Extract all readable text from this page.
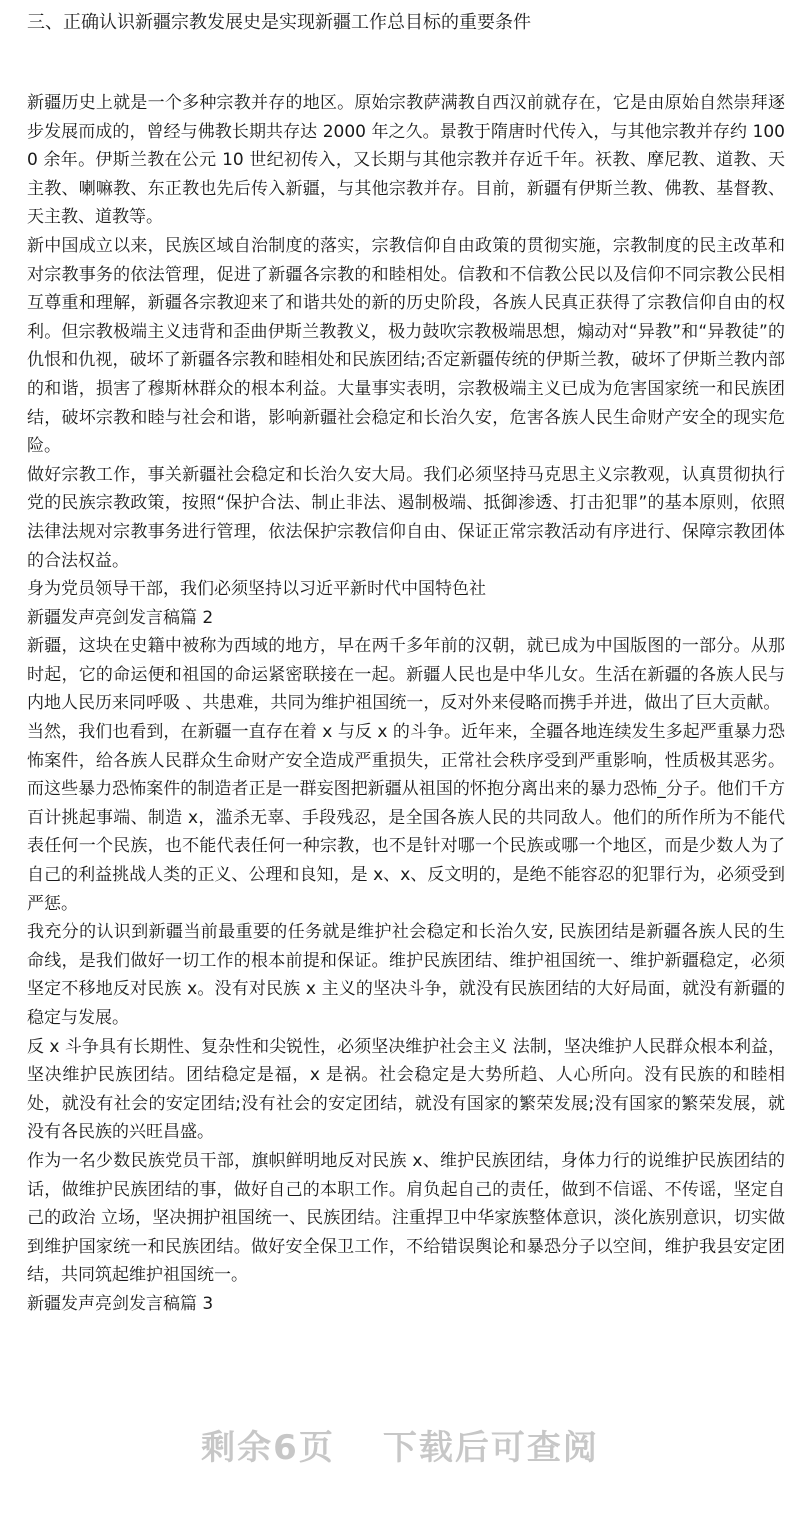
三、正确认识新疆宗教发展史是实现新疆工作总目标的重要条件

新疆历史上就是一个多种宗教并存的地区。原始宗教萨满教自西汉前就存在，它是由原始自然崇拜逐步发展而成的，曾经与佛教长期共存达 2000 年之久。景教于隋唐时代传入，与其他宗教并存约 1000 余年。伊斯兰教在公元 10 世纪初传入，又长期与其他宗教并存近千年。祆教、摩尼教、道教、天主教、喇嘛教、东正教也先后传入新疆，与其他宗教并存。目前，新疆有伊斯兰教、佛教、基督教、天主教、道教等。

新中国成立以来，民族区域自治制度的落实，宗教信仰自由政策的贯彻实施，宗教制度的民主改革和对宗教事务的依法管理，促进了新疆各宗教的和睦相处。信教和不信教公民以及信仰不同宗教公民相互尊重和理解，新疆各宗教迎来了和谐共处的新的历史阶段，各族人民真正获得了宗教信仰自由的权利。但宗教极端主义违背和歪曲伊斯兰教教义，极力鼓吹宗教极端思想，煽动对“异教”和“异教徒”的仇恨和仇视，破坏了新疆各宗教和睦相处和民族团结;否定新疆传统的伊斯兰教，破坏了伊斯兰教内部的和谐，损害了穆斯林群众的根本利益。大量事实表明，宗教极端主义已成为危害国家统一和民族团结，破坏宗教和睦与社会和谐，影响新疆社会稳定和长治久安，危害各族人民生命财产安全的现实危险。

做好宗教工作，事关新疆社会稳定和长治久安大局。我们必须坚持马克思主义宗教观，认真贯彻执行党的民族宗教政策，按照“保护合法、制止非法、遏制极端、抵御渗透、打击犯罪”的基本原则，依照法律法规对宗教事务进行管理，依法保护宗教信仰自由、保证正常宗教活动有序进行、保障宗教团体的合法权益。

身为党员领导干部，我们必须坚持以习近平新时代中国特色社

新疆发声亮剑发言稿篇 2

新疆，这块在史籍中被称为西域的地方，早在两千多年前的汉朝，就已成为中国版图的一部分。从那时起，它的命运便和祖国的命运紧密联接在一起。新疆人民也是中华儿女。生活在新疆的各族人民与内地人民历来同呼吸 、共患难，共同为维护祖国统一，反对外来侵略而携手并进，做出了巨大贡献。

当然，我们也看到，在新疆一直存在着 x 与反 x 的斗争。近年来，全疆各地连续发生多起严重暴力恐怖案件，给各族人民群众生命财产安全造成严重损失，正常社会秩序受到严重影响，性质极其恶劣。而这些暴力恐怖案件的制造者正是一群妄图把新疆从祖国的怀抱分离出来的暴力恐怖_分子。他们千方百计挑起事端、制造 x，滥杀无辜、手段残忍，是全国各族人民的共同敌人。他们的所作所为不能代表任何一个民族，也不能代表任何一种宗教，也不是针对哪一个民族或哪一个地区，而是少数人为了自己的利益挑战人类的正义、公理和良知，是 x、x、反文明的，是绝不能容忍的犯罪行为，必须受到严惩。

我充分的认识到新疆当前最重要的任务就是维护社会稳定和长治久安, 民族团结是新疆各族人民的生命线，是我们做好一切工作的根本前提和保证。维护民族团结、维护祖国统一、维护新疆稳定，必须坚定不移地反对民族 x。没有对民族 x 主义的坚决斗争，就没有民族团结的大好局面，就没有新疆的稳定与发展。

反 x 斗争具有长期性、复杂性和尖锐性，必须坚决维护社会主义 法制，坚决维护人民群众根本利益，坚决维护民族团结。团结稳定是福，x 是祸。社会稳定是大势所趋、人心所向。没有民族的和睦相处，就没有社会的安定团结;没有社会的安定团结，就没有国家的繁荣发展;没有国家的繁荣发展，就没有各民族的兴旺昌盛。

作为一名少数民族党员干部，旗帜鲜明地反对民族 x、维护民族团结，身体力行的说维护民族团结的话，做维护民族团结的事，做好自己的本职工作。肩负起自己的责任，做到不信谣、不传谣，坚定自己的政治 立场，坚决拥护祖国统一、民族团结。注重捍卫中华家族整体意识，淡化族别意识，切实做到维护国家统一和民族团结。做好安全保卫工作，不给错误舆论和暴恐分子以空间，维护我县安定团结，共同筑起维护祖国统一。

新疆发声亮剑发言稿篇 3

剩余6页 下载后可查阅
